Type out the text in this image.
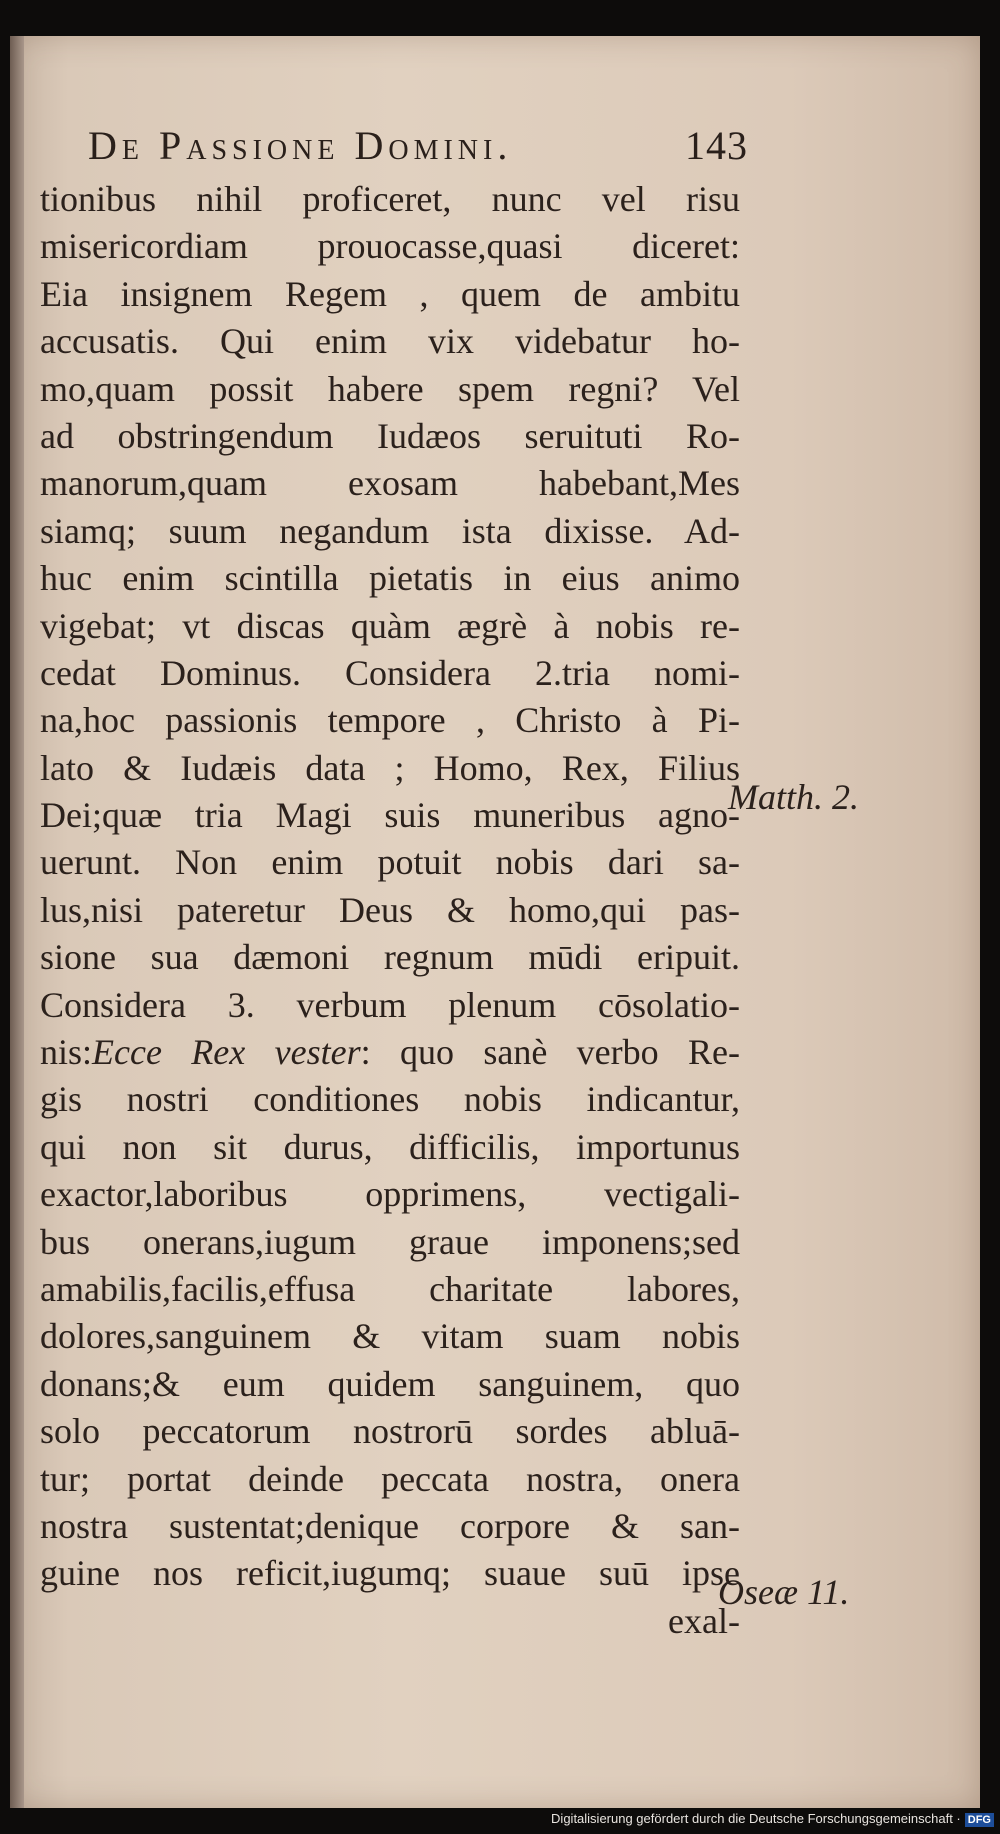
De Passione Domini.	143
tionibus nihil proficeret, nunc vel risu
misericordiam prouocasse,quasi diceret:
Eia insignem Regem , quem de ambitu
accusatis. Qui enim vix videbatur ho-
mo,quam possit habere spem regni? Vel
ad obstringendum Iudæos seruituti Ro-
manorum,quam exosam habebant,Mes
siamq; suum negandum ista dixisse. Ad-
huc enim scintilla pietatis in eius animo
vigebat; vt discas quàm ægrè à nobis re-
cedat Dominus. Considera 2.tria nomi-
na,hoc passionis tempore , Christo à Pi-
lato & Iudæis data ; Homo, Rex, Filius
Dei;quæ tria Magi suis muneribus agno-
uerunt. Non enim potuit nobis dari sa-
lus,nisi pateretur Deus & homo,qui pas-
sione sua dæmoni regnum mūdi eripuit.
Considera 3. verbum plenum cōsolatio-
nis:Ecce Rex vester: quo sanè verbo Re-
gis nostri conditiones nobis indicantur,
qui non sit durus, difficilis, importunus
exactor,laboribus opprimens, vectigali-
bus onerans,iugum graue imponens;sed
amabilis,facilis,effusa charitate labores,
dolores,sanguinem & vitam suam nobis
donans;& eum quidem sanguinem, quo
solo peccatorum nostrorū sordes abluā-
tur; portat deinde peccata nostra, onera
nostra sustentat;denique corpore & san-
guine nos reficit,iugumq; suaue suū ipse
exal-
Matth. 2.
Oseæ 11.
Digitalisierung gefördert durch die Deutsche Forschungsgemeinschaft · DFG
